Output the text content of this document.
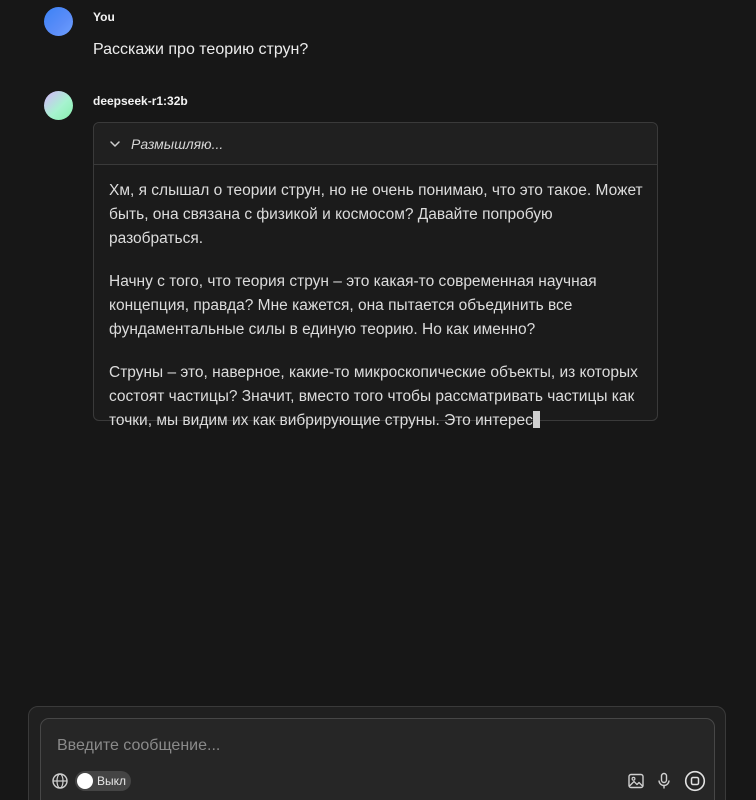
You
Расскажи про теорию струн?
deepseek-r1:32b
Размышляю...

Хм, я слышал о теории струн, но не очень понимаю, что это такое. Может быть, она связана с физикой и космосом? Давайте попробую разобраться.

Начну с того, что теория струн – это какая-то современная научная концепция, правда? Мне кажется, она пытается объединить все фундаментальные силы в единую теорию. Но как именно?

Струны – это, наверное, какие-то микроскопические объекты, из которых состоят частицы? Значит, вместо того чтобы рассматривать частицы как точки, мы видим их как вибрирующие струны. Это интерес

Введите сообщение...
Выкл
